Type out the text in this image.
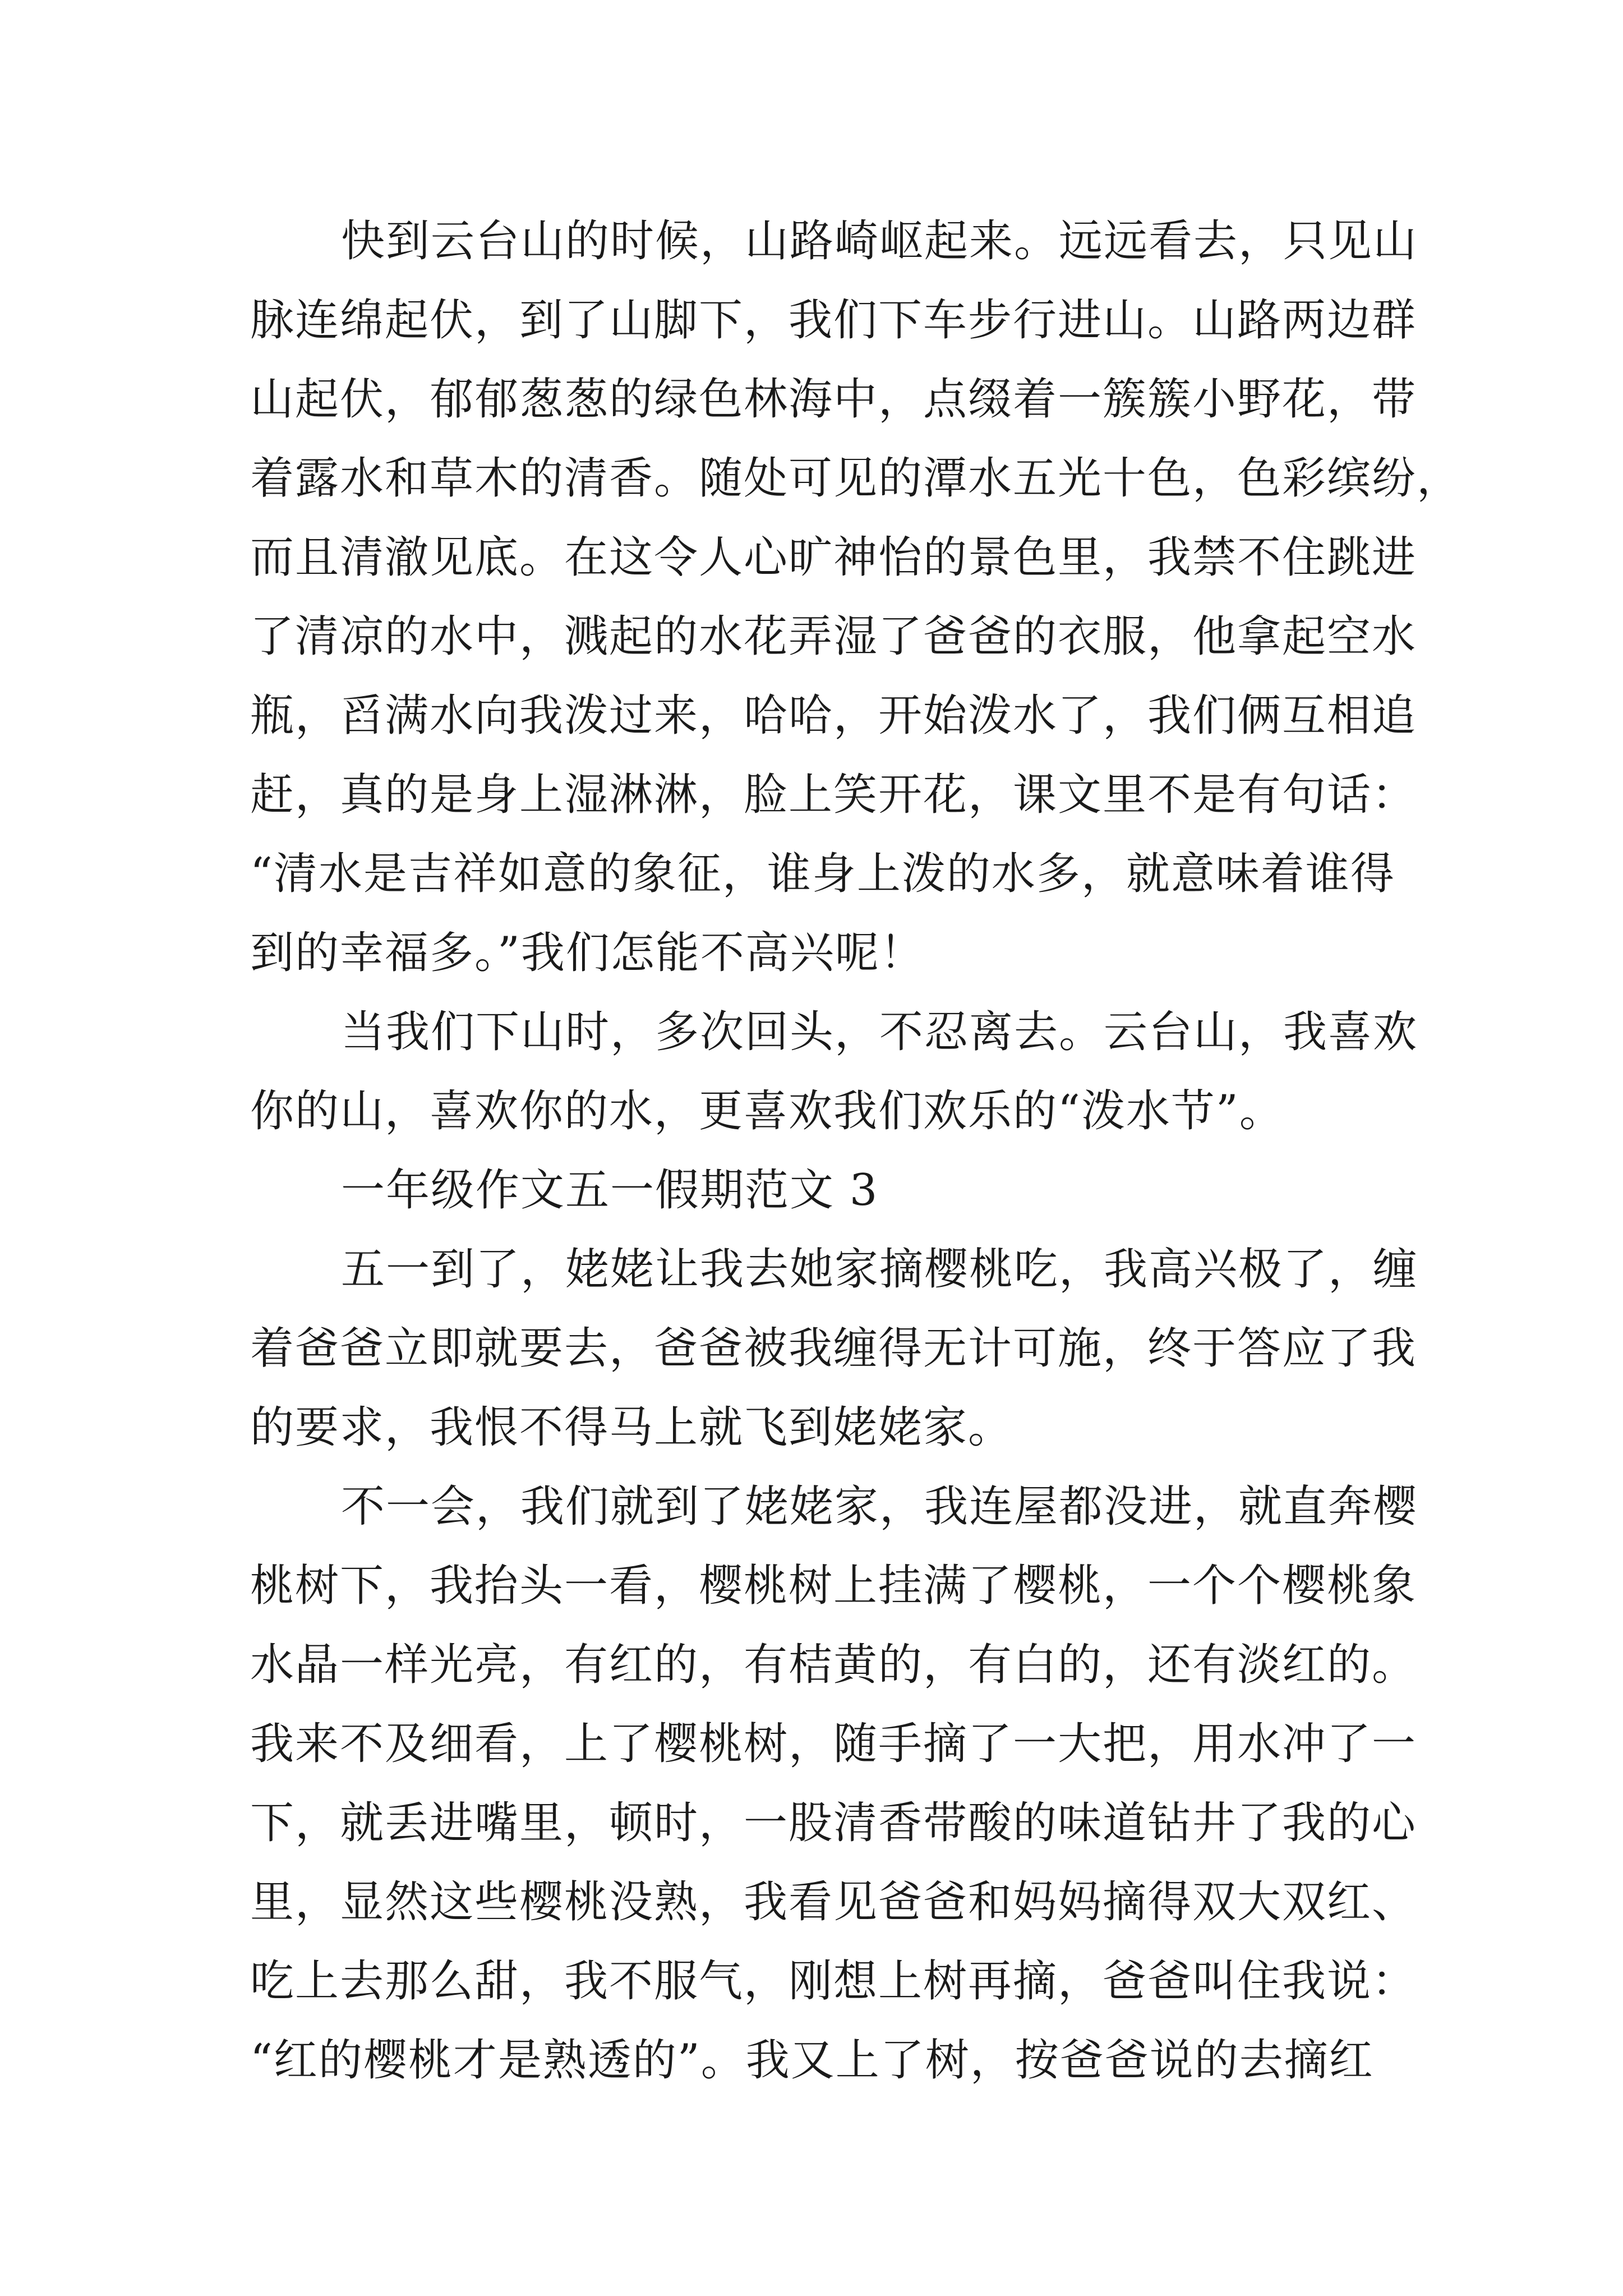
快到云台山的时候，山路崎岖起来。远远看去，只见山
脉连绵起伏，到了山脚下，我们下车步行进山。山路两边群
山起伏，郁郁葱葱的绿色林海中，点缀着一簇簇小野花，带
着露水和草木的清香。随处可见的潭水五光十色，色彩缤纷，
而且清澈见底。在这令人心旷神怡的景色里，我禁不住跳进
了清凉的水中，溅起的水花弄湿了爸爸的衣服，他拿起空水
瓶，舀满水向我泼过来，哈哈，开始泼水了，我们俩互相追
赶，真的是身上湿淋淋，脸上笑开花，课文里不是有句话：
“清水是吉祥如意的象征，谁身上泼的水多，就意味着谁得
到的幸福多。”我们怎能不高兴呢！
当我们下山时，多次回头，不忍离去。云台山，我喜欢
你的山，喜欢你的水，更喜欢我们欢乐的“泼水节”。
一年级作文五一假期范文 3
五一到了，姥姥让我去她家摘樱桃吃，我高兴极了，缠
着爸爸立即就要去，爸爸被我缠得无计可施，终于答应了我
的要求，我恨不得马上就飞到姥姥家。
不一会，我们就到了姥姥家，我连屋都没进，就直奔樱
桃树下，我抬头一看，樱桃树上挂满了樱桃，一个个樱桃象
水晶一样光亮，有红的，有桔黄的，有白的，还有淡红的。
我来不及细看，上了樱桃树，随手摘了一大把，用水冲了一
下，就丢进嘴里，顿时，一股清香带酸的味道钻井了我的心
里，显然这些樱桃没熟，我看见爸爸和妈妈摘得双大双红、
吃上去那么甜，我不服气，刚想上树再摘，爸爸叫住我说：
“红的樱桃才是熟透的”。我又上了树，按爸爸说的去摘红
